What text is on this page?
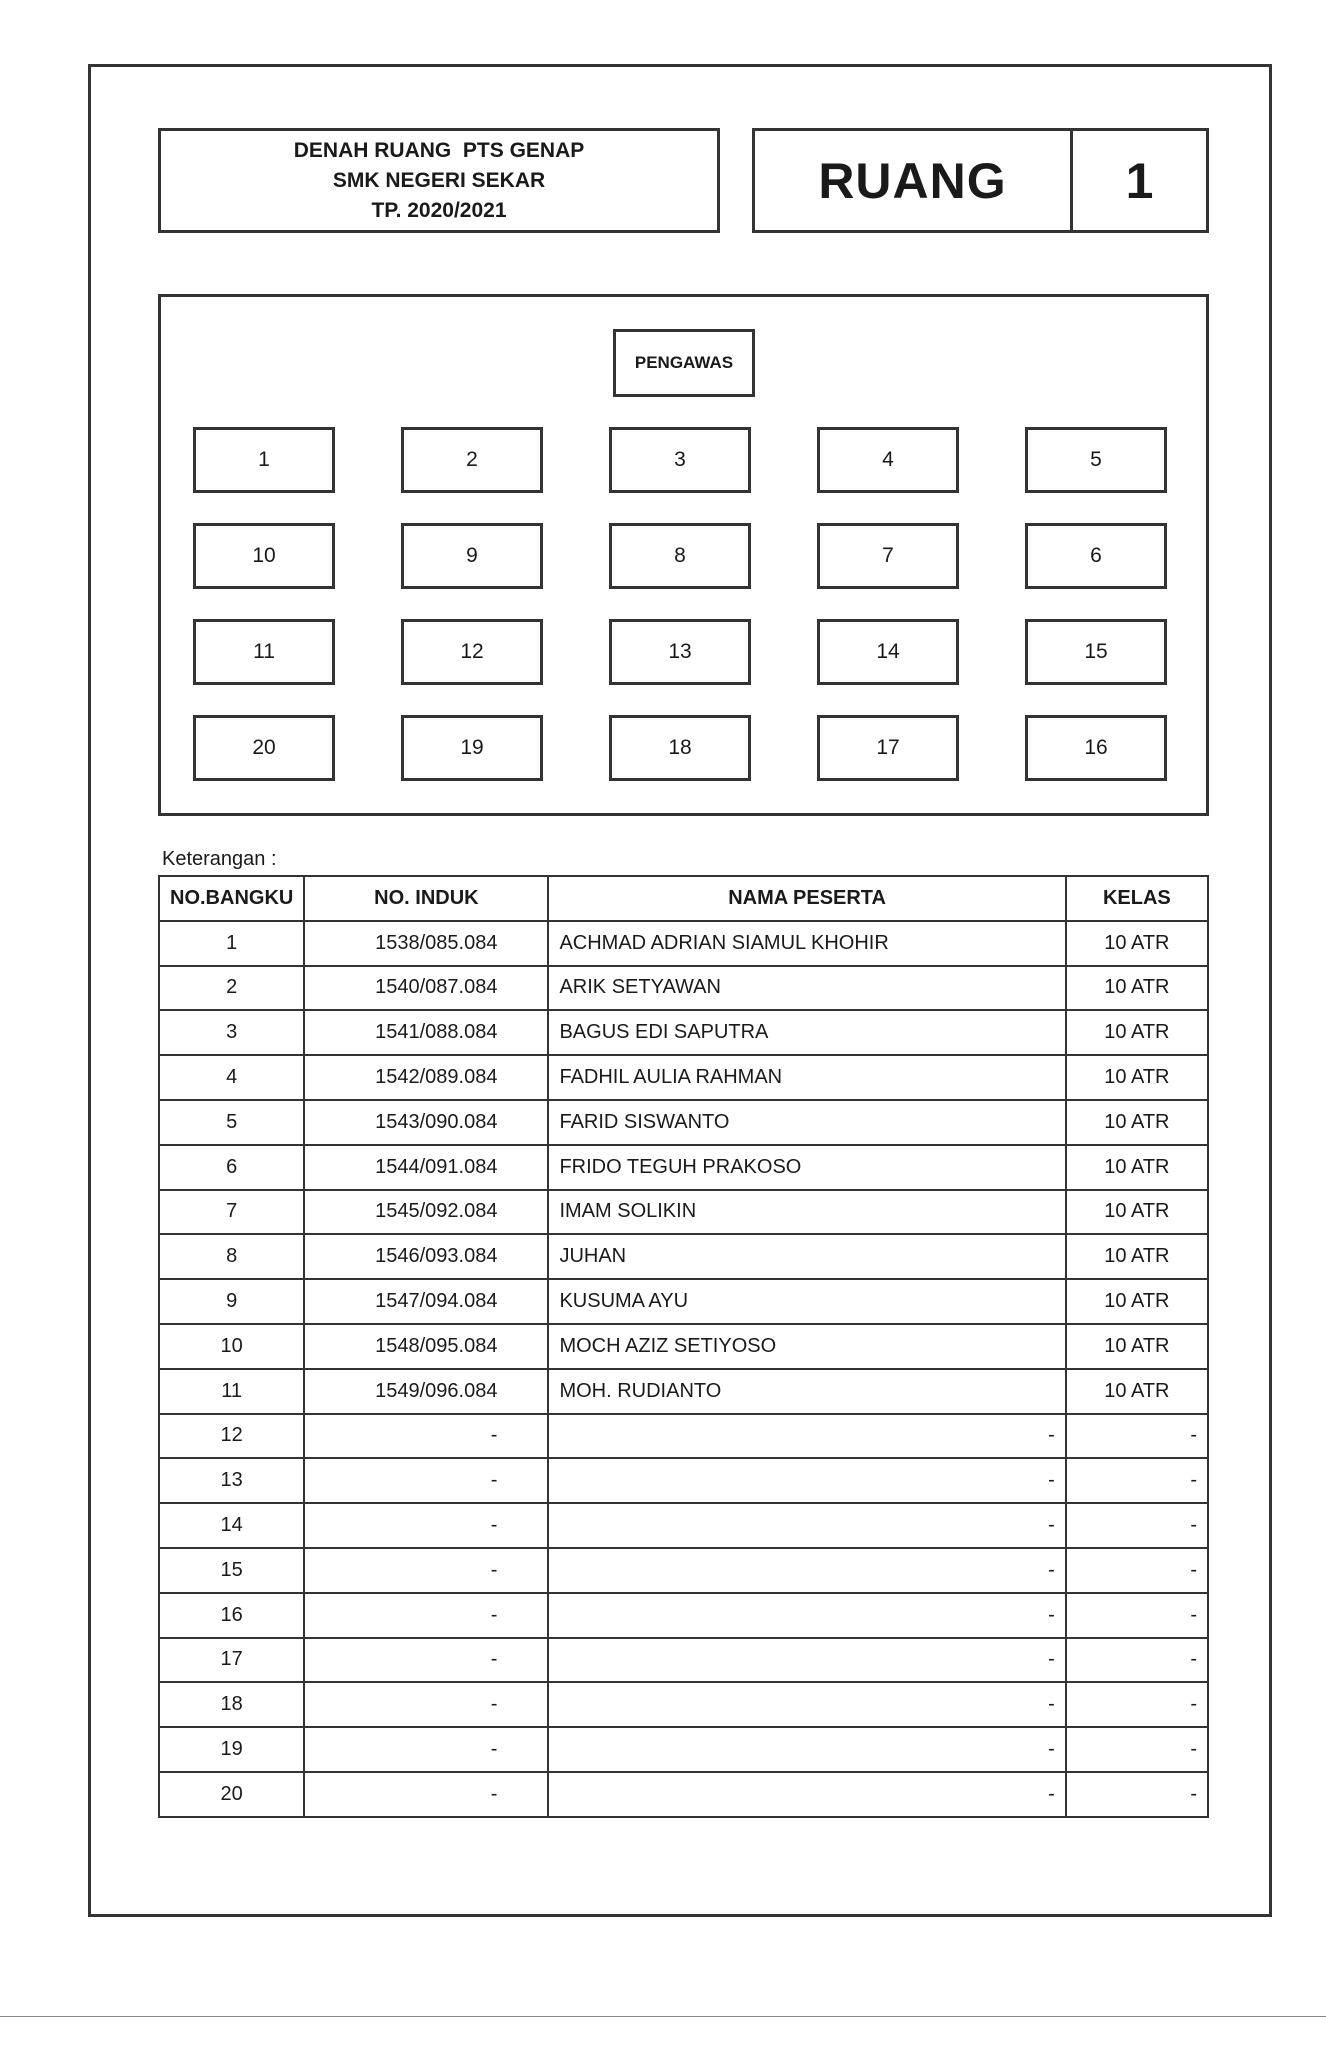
DENAH RUANG  PTS GENAP
SMK NEGERI SEKAR
TP. 2020/2021
RUANG	1
PENGAWAS
1	2	3	4	5
10	9	8	7	6
11	12	13	14	15
20	19	18	17	16
Keterangan :
NO.BANGKU	NO. INDUK	NAMA PESERTA	KELAS
1	1538/085.084	ACHMAD ADRIAN SIAMUL KHOHIR	10 ATR
2	1540/087.084	ARIK SETYAWAN	10 ATR
3	1541/088.084	BAGUS EDI SAPUTRA	10 ATR
4	1542/089.084	FADHIL AULIA RAHMAN	10 ATR
5	1543/090.084	FARID SISWANTO	10 ATR
6	1544/091.084	FRIDO TEGUH PRAKOSO	10 ATR
7	1545/092.084	IMAM SOLIKIN	10 ATR
8	1546/093.084	JUHAN	10 ATR
9	1547/094.084	KUSUMA AYU	10 ATR
10	1548/095.084	MOCH AZIZ SETIYOSO	10 ATR
11	1549/096.084	MOH. RUDIANTO	10 ATR
12	-	-	-
13	-	-	-
14	-	-	-
15	-	-	-
16	-	-	-
17	-	-	-
18	-	-	-
19	-	-	-
20	-	-	-
